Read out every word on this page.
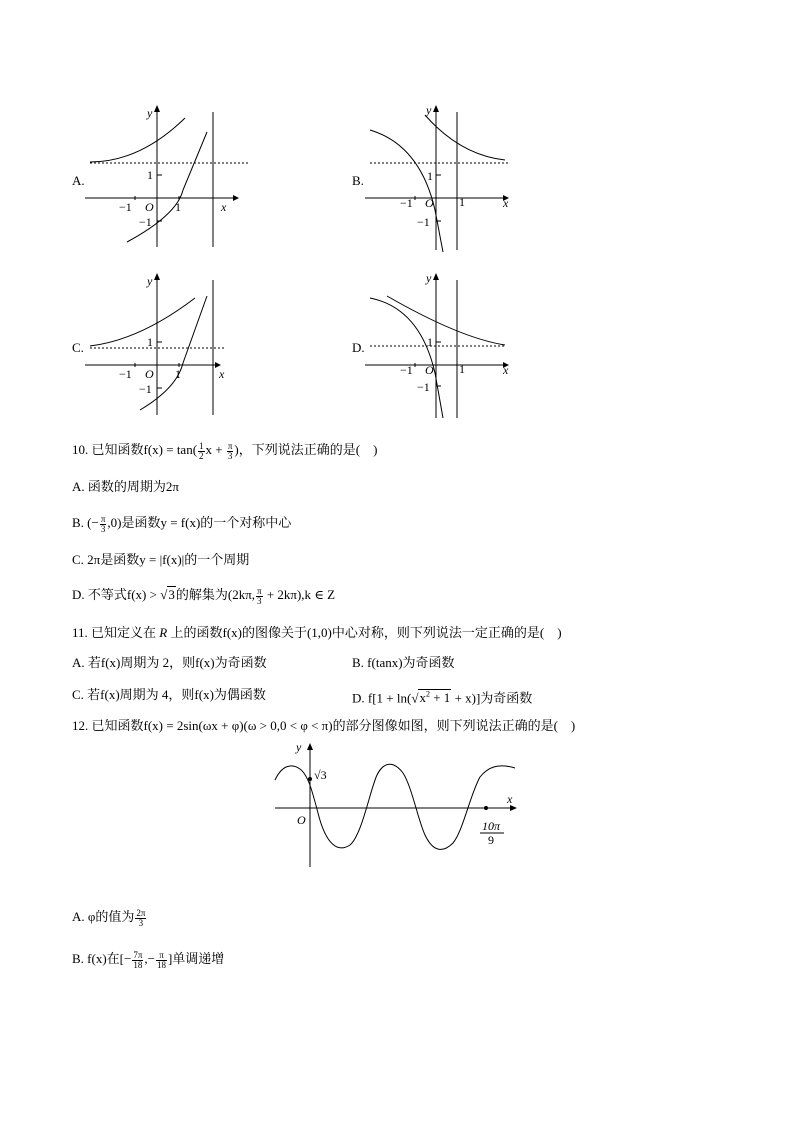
A.
y
x
1
−1
−1 O 1
B.
y
x
1
−1
−1 O 1
C.
y
x
1
−1
−1 O 1
D.
y
x
1
−1
−1 O 1
10. 已知函数$f(x) = \tan( \frac{1}{2}$ $x + \frac{\pi}{3}$ )，下列说法正确的是(　)
A. 函数的周期为2π
B. (− $\frac{\pi}{3} ,0$)是函数y = f(x)的一个对称中心
C. 2π是函数y = |f(x)|的一个周期
D. 不等式f(x) > √3的解集为(2kπ, $\frac{\pi}{3} + 2k\pi),k$ ∈ Z
11. 已知定义在 R 上的函数f(x)的图像关于(1,0)中心对称，则下列说法一定正确的是(　)
A. 若f(x)周期为 2，则f(x)为奇函数	B. f(tanx)为奇函数
C. 若f(x)周期为 4，则f(x)为偶函数	D. $f[1 + \ln(√x^2 + 1 + x)]$为奇函数
12. 已知函数f(x) = 2sin(ωx + φ)(ω > 0,0 < φ < π)的部分图像如图，则下列说法正确的是(　)
y
x
O
√3
10π
9
A. φ的值为 $\frac{2\pi}{3}$
B. f(x)在[− $\frac{7\pi}{18}$ ,− $\frac{\pi}{18}$ ]单调递增
